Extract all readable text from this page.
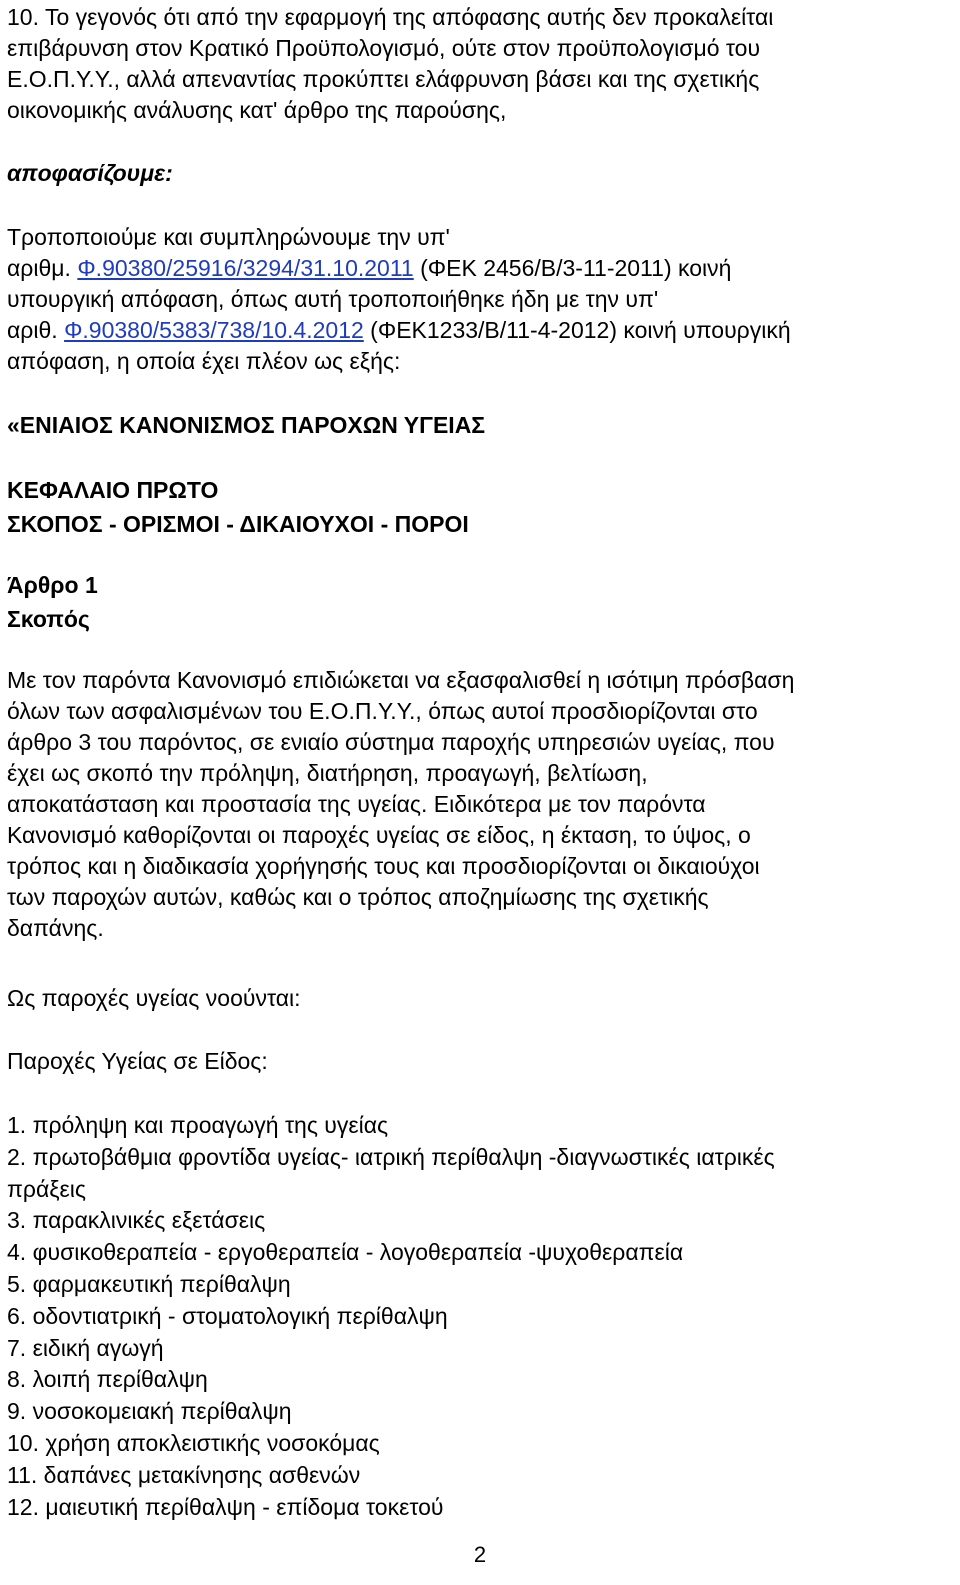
10. Το γεγονός ότι από την εφαρμογή της απόφασης αυτής δεν προκαλείται

επιβάρυνση στον Κρατικό Προϋπολογισμό, ούτε στον προϋπολογισμό του

Ε.Ο.Π.Υ.Υ., αλλά απεναντίας προκύπτει ελάφρυνση βάσει και της σχετικής

οικονομικής ανάλυσης κατ' άρθρο της παρούσης,

αποφασίζουμε:

Τροποποιούμε και συμπληρώνουμε την υπ'

αριθμ. Φ.90380/25916/3294/31.10.2011 (ΦΕΚ 2456/Β/3-11-2011) κοινή

υπουργική απόφαση, όπως αυτή τροποποιήθηκε ήδη με την υπ'

αριθ. Φ.90380/5383/738/10.4.2012 (ΦΕΚ1233/Β/11-4-2012) κοινή υπουργική

απόφαση, η οποία έχει πλέον ως εξής:

«ΕΝΙΑΙΟΣ ΚΑΝΟΝΙΣΜΟΣ ΠΑΡΟΧΩΝ ΥΓΕΙΑΣ

ΚΕΦΑΛΑΙΟ ΠΡΩΤΟ

ΣΚΟΠΟΣ - ΟΡΙΣΜΟΙ - ΔΙΚΑΙΟΥΧΟΙ - ΠΟΡΟΙ

Άρθρο 1

Σκοπός

Με τον παρόντα Κανονισμό επιδιώκεται να εξασφαλισθεί η ισότιμη πρόσβαση

όλων των ασφαλισμένων του Ε.Ο.Π.Υ.Υ., όπως αυτοί προσδιορίζονται στο

άρθρο 3 του παρόντος, σε ενιαίο σύστημα παροχής υπηρεσιών υγείας, που

έχει ως σκοπό την πρόληψη, διατήρηση, προαγωγή, βελτίωση,

αποκατάσταση και προστασία της υγείας. Ειδικότερα με τον παρόντα

Κανονισμό καθορίζονται οι παροχές υγείας σε είδος, η έκταση, το ύψος, ο

τρόπος και η διαδικασία χορήγησής τους και προσδιορίζονται οι δικαιούχοι

των παροχών αυτών, καθώς και ο τρόπος αποζημίωσης της σχετικής

δαπάνης.

Ως παροχές υγείας νοούνται:

Παροχές Υγείας σε Είδος:

1. πρόληψη και προαγωγή της υγείας
2. πρωτοβάθμια φροντίδα υγείας- ιατρική περίθαλψη -διαγνωστικές ιατρικές
πράξεις
3. παρακλινικές εξετάσεις
4. φυσικοθεραπεία - εργοθεραπεία - λογοθεραπεία -ψυχοθεραπεία
5. φαρμακευτική περίθαλψη
6. οδοντιατρική - στοματολογική περίθαλψη
7. ειδική αγωγή
8. λοιπή περίθαλψη
9. νοσοκομειακή περίθαλψη
10. χρήση αποκλειστικής νοσοκόμας
11. δαπάνες μετακίνησης ασθενών
12. μαιευτική περίθαλψη - επίδομα τοκετού
2
